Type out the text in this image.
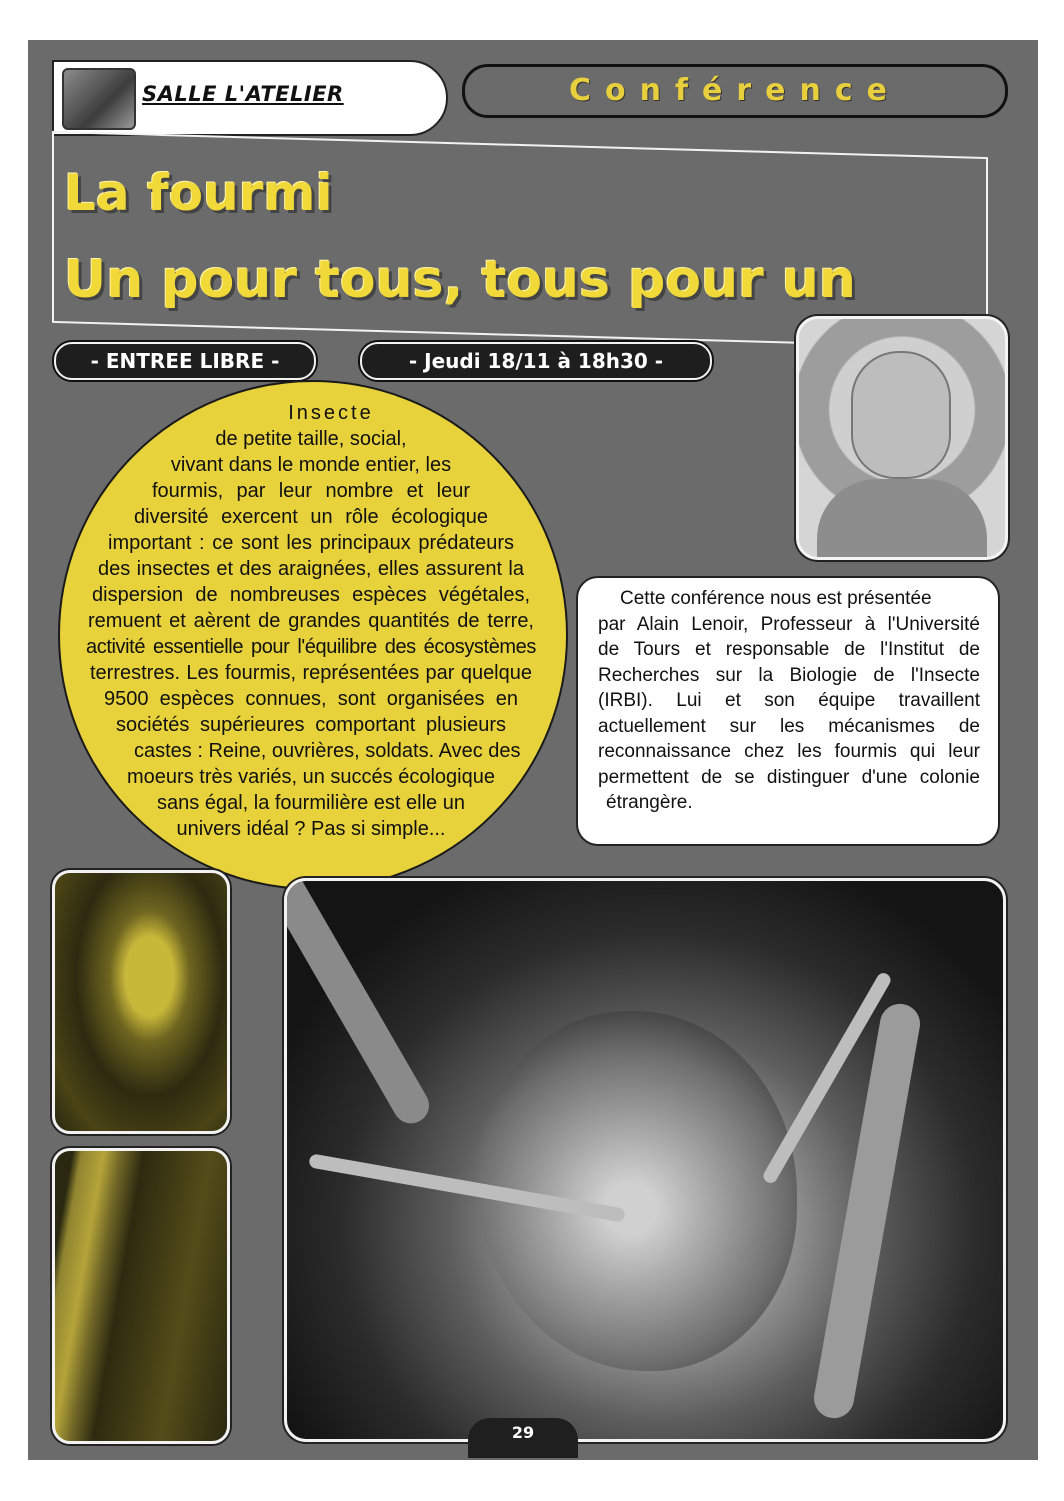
SALLE L'ATELIER	Conférence
La fourmi
Un pour tous, tous pour un
- ENTREE LIBRE -	- Jeudi 18/11 à 18h30 -
Insecte
de petite taille, social,
vivant dans le monde entier, les
fourmis, par leur nombre et leur
diversité exercent un rôle écologique
important : ce sont les principaux prédateurs
des insectes et des araignées, elles assurent la
dispersion de nombreuses espèces végétales,
remuent et aèrent de grandes quantités de terre,
activité essentielle pour l'équilibre des écosystèmes
terrestres. Les fourmis, représentées par quelque
9500 espèces connues, sont organisées en
sociétés supérieures comportant plusieurs
castes : Reine, ouvrières, soldats. Avec des
moeurs très variés, un succés écologique
sans égal, la fourmilière est elle un
univers idéal ? Pas si simple...
Cette conférence nous est présentée
par Alain Lenoir, Professeur à l'Université
de Tours et responsable de l'Institut de
Recherches sur la Biologie de l'Insecte
(IRBI). Lui et son équipe travaillent
actuellement sur les mécanismes de
reconnaissance chez les fourmis qui leur
permettent de se distinguer d'une colonie
étrangère.
29
